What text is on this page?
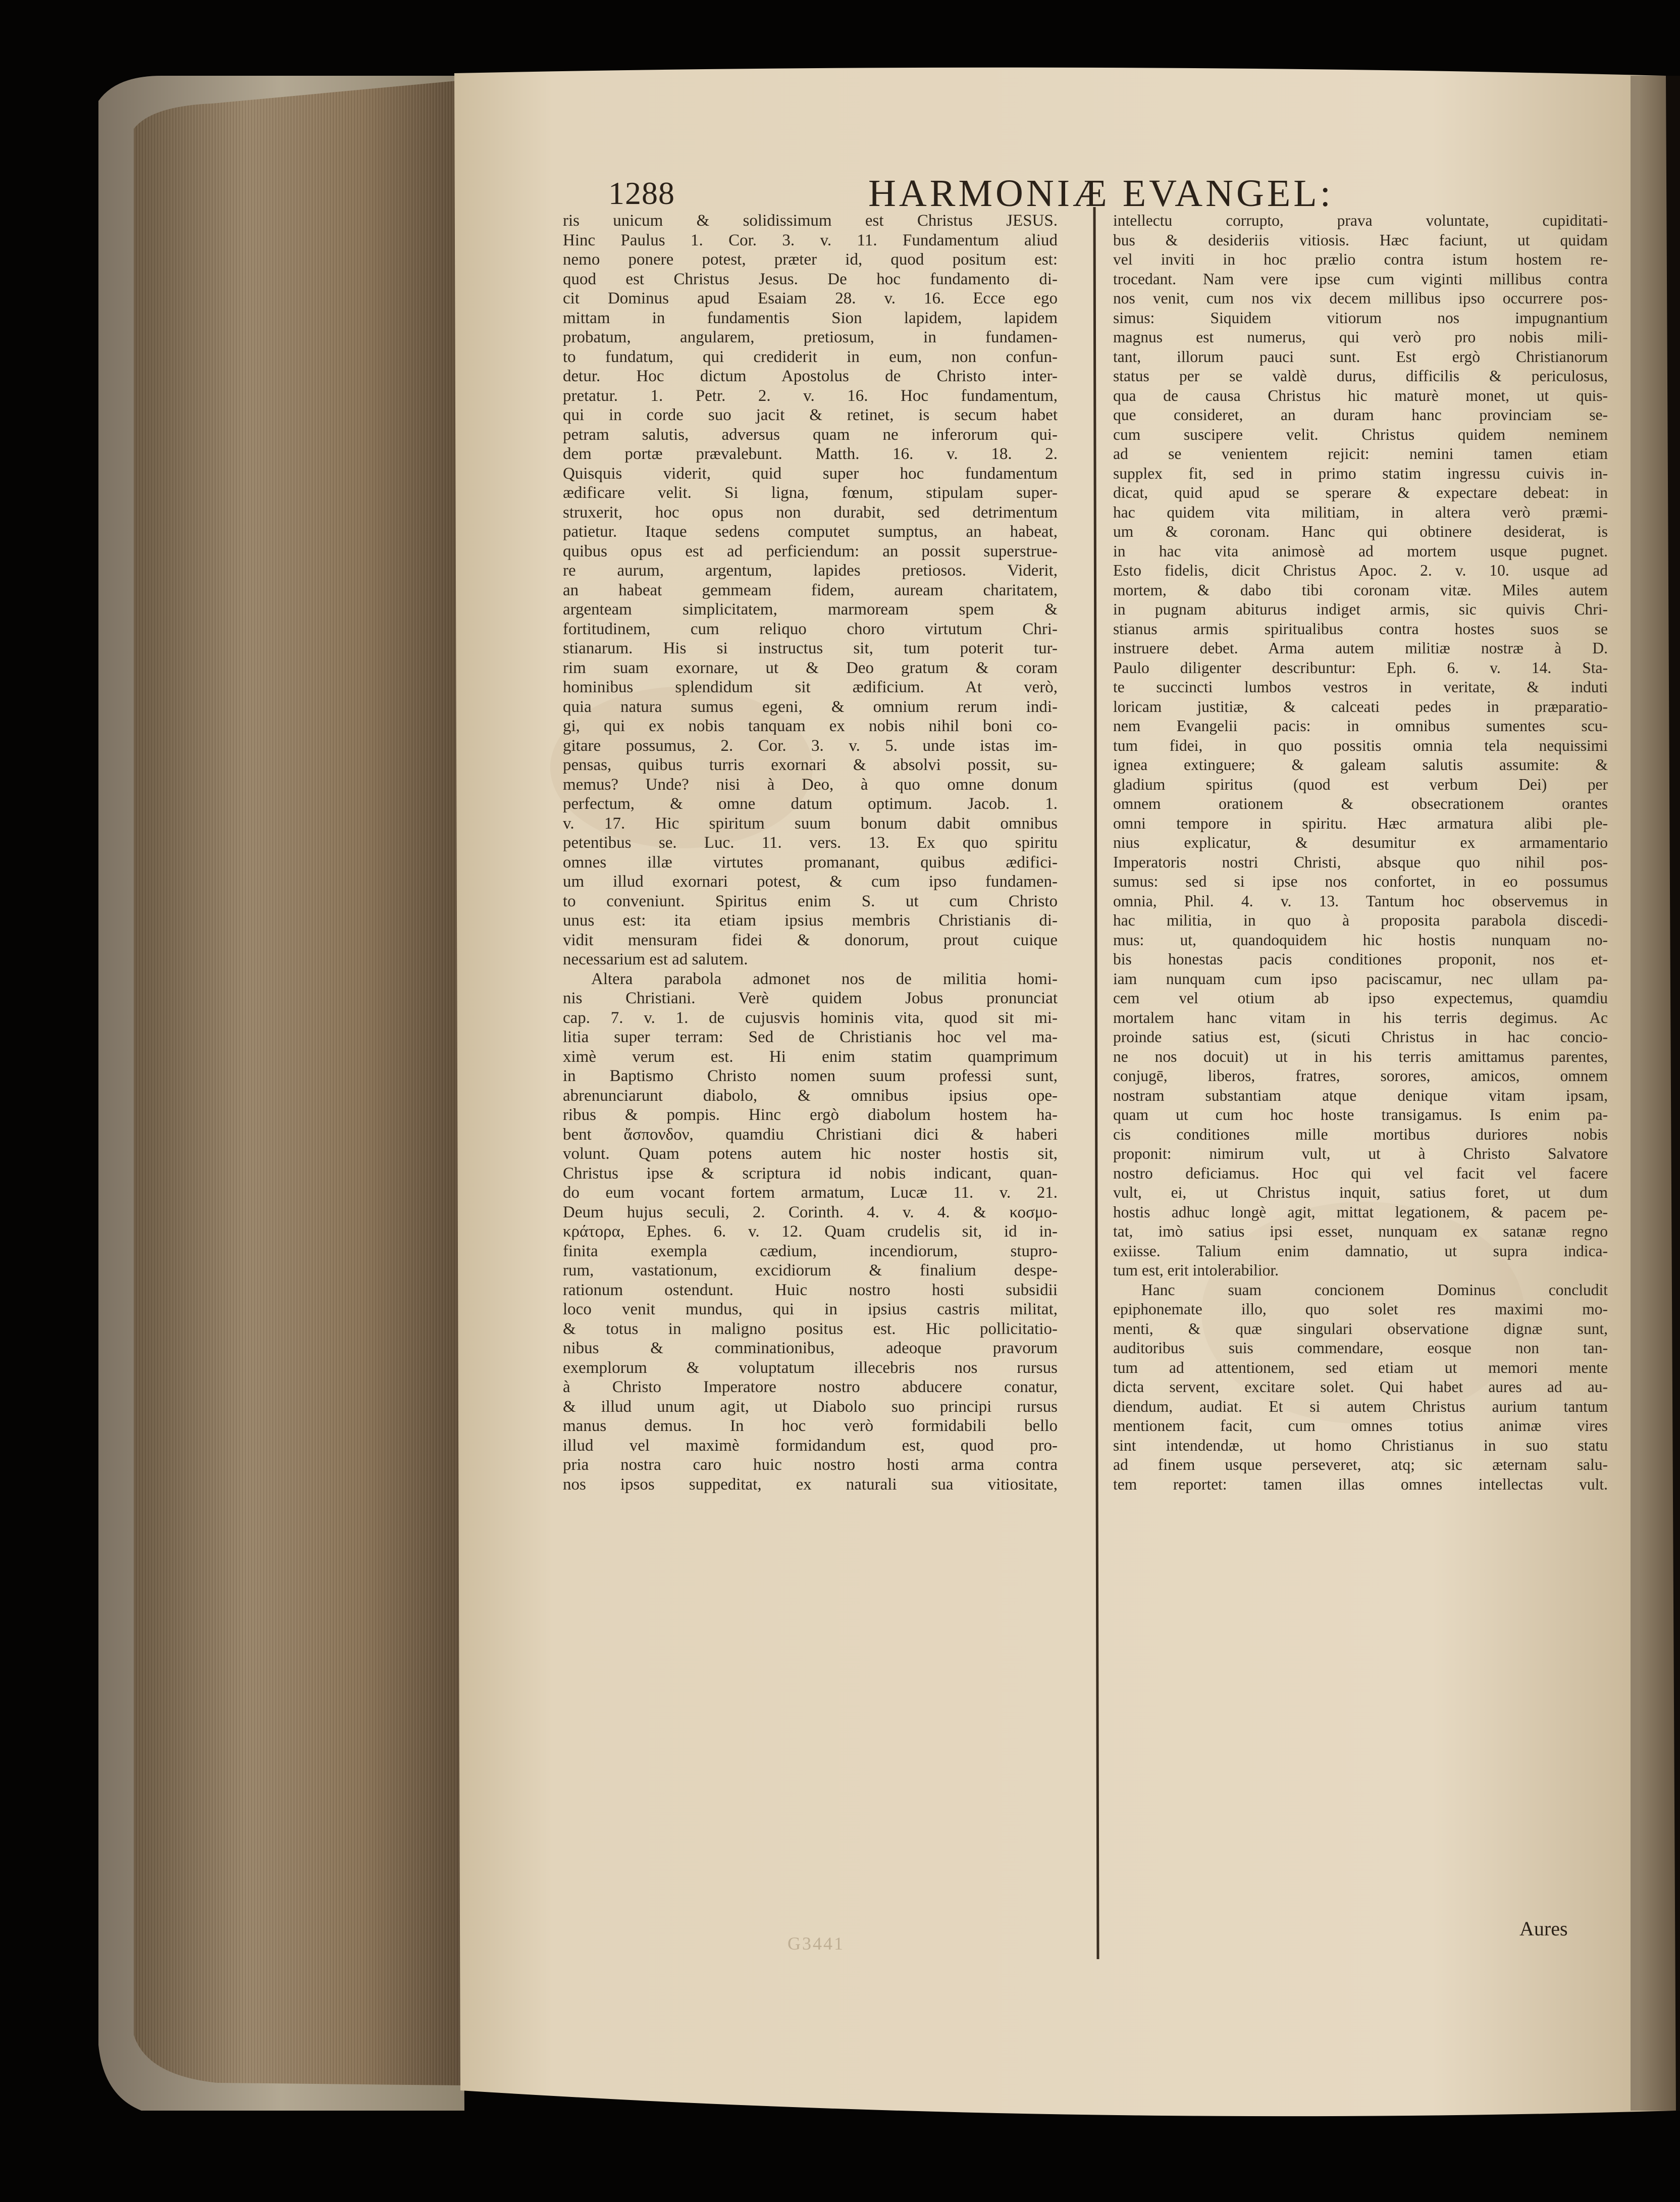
1288	HARMONIÆ EVANGEL:
ris unicum & solidissimum est Christus JESUS.
Hinc Paulus 1. Cor. 3. v. 11. Fundamentum aliud
nemo ponere potest, præter id, quod positum est:
quod est Christus Jesus. De hoc fundamento di-
cit Dominus apud Esaiam 28. v. 16. Ecce ego
mittam in fundamentis Sion lapidem, lapidem
probatum, angularem, pretiosum, in fundamen-
to fundatum, qui crediderit in eum, non confun-
detur. Hoc dictum Apostolus de Christo inter-
pretatur. 1. Petr. 2. v. 16. Hoc fundamentum,
qui in corde suo jacit & retinet, is secum habet
petram salutis, adversus quam ne inferorum qui-
dem portæ prævalebunt. Matth. 16. v. 18. 2.
Quisquis viderit, quid super hoc fundamentum
ædificare velit. Si ligna, fœnum, stipulam super-
struxerit, hoc opus non durabit, sed detrimentum
patietur. Itaque sedens computet sumptus, an habeat,
quibus opus est ad perficiendum: an possit superstrue-
re aurum, argentum, lapides pretiosos. Viderit,
an habeat gemmeam fidem, auream charitatem,
argenteam simplicitatem, marmoream spem &
fortitudinem, cum reliquo choro virtutum Chri-
stianarum. His si instructus sit, tum poterit tur-
rim suam exornare, ut & Deo gratum & coram
hominibus splendidum sit ædificium. At verò,
quia natura sumus egeni, & omnium rerum indi-
gi, qui ex nobis tanquam ex nobis nihil boni co-
gitare possumus, 2. Cor. 3. v. 5. unde istas im-
pensas, quibus turris exornari & absolvi possit, su-
memus? Unde? nisi à Deo, à quo omne donum
perfectum, & omne datum optimum. Jacob. 1.
v. 17. Hic spiritum suum bonum dabit omnibus
petentibus se. Luc. 11. vers. 13. Ex quo spiritu
omnes illæ virtutes promanant, quibus ædifici-
um illud exornari potest, & cum ipso fundamen-
to conveniunt. Spiritus enim S. ut cum Christo
unus est: ita etiam ipsius membris Christianis di-
vidit mensuram fidei & donorum, prout cuique
necessarium est ad salutem.
Altera parabola admonet nos de militia homi-
nis Christiani. Verè quidem Jobus pronunciat
cap. 7. v. 1. de cujusvis hominis vita, quod sit mi-
litia super terram: Sed de Christianis hoc vel ma-
ximè verum est. Hi enim statim quamprimum
in Baptismo Christo nomen suum professi sunt,
abrenunciarunt diabolo, & omnibus ipsius ope-
ribus & pompis. Hinc ergò diabolum hostem ha-
bent ἄσπονδον, quamdiu Christiani dici & haberi
volunt. Quam potens autem hic noster hostis sit,
Christus ipse & scriptura id nobis indicant, quan-
do eum vocant fortem armatum, Lucæ 11. v. 21.
Deum hujus seculi, 2. Corinth. 4. v. 4. & κοσμο-
κράτορα, Ephes. 6. v. 12. Quam crudelis sit, id in-
finita exempla cædium, incendiorum, stupro-
rum, vastationum, excidiorum & finalium despe-
rationum ostendunt. Huic nostro hosti subsidii
loco venit mundus, qui in ipsius castris militat,
& totus in maligno positus est. Hic pollicitatio-
nibus & comminationibus, adeoque pravorum
exemplorum & voluptatum illecebris nos rursus
à Christo Imperatore nostro abducere conatur,
& illud unum agit, ut Diabolo suo principi rursus
manus demus. In hoc verò formidabili bello
illud vel maximè formidandum est, quod pro-
pria nostra caro huic nostro hosti arma contra
nos ipsos suppeditat, ex naturali sua vitiositate,
intellectu corrupto, prava voluntate, cupiditati-
bus & desideriis vitiosis. Hæc faciunt, ut quidam
vel inviti in hoc prælio contra istum hostem re-
trocedant. Nam vere ipse cum viginti millibus contra
nos venit, cum nos vix decem millibus ipso occurrere pos-
simus: Siquidem vitiorum nos impugnantium
magnus est numerus, qui verò pro nobis mili-
tant, illorum pauci sunt. Est ergò Christianorum
status per se valdè durus, difficilis & periculosus,
qua de causa Christus hic maturè monet, ut quis-
que consideret, an duram hanc provinciam se-
cum suscipere velit. Christus quidem neminem
ad se venientem rejicit: nemini tamen etiam
supplex fit, sed in primo statim ingressu cuivis in-
dicat, quid apud se sperare & expectare debeat: in
hac quidem vita militiam, in altera verò præmi-
um & coronam. Hanc qui obtinere desiderat, is
in hac vita animosè ad mortem usque pugnet.
Esto fidelis, dicit Christus Apoc. 2. v. 10. usque ad
mortem, & dabo tibi coronam vitæ. Miles autem
in pugnam abiturus indiget armis, sic quivis Chri-
stianus armis spiritualibus contra hostes suos se
instruere debet. Arma autem militiæ nostræ à D.
Paulo diligenter describuntur: Eph. 6. v. 14. Sta-
te succincti lumbos vestros in veritate, & induti
loricam justitiæ, & calceati pedes in præparatio-
nem Evangelii pacis: in omnibus sumentes scu-
tum fidei, in quo possitis omnia tela nequissimi
ignea extinguere; & galeam salutis assumite: &
gladium spiritus (quod est verbum Dei) per
omnem orationem & obsecrationem orantes
omni tempore in spiritu. Hæc armatura alibi ple-
nius explicatur, & desumitur ex armamentario
Imperatoris nostri Christi, absque quo nihil pos-
sumus: sed si ipse nos confortet, in eo possumus
omnia, Phil. 4. v. 13. Tantum hoc observemus in
hac militia, in quo à proposita parabola discedi-
mus: ut, quandoquidem hic hostis nunquam no-
bis honestas pacis conditiones proponit, nos et-
iam nunquam cum ipso paciscamur, nec ullam pa-
cem vel otium ab ipso expectemus, quamdiu
mortalem hanc vitam in his terris degimus. Ac
proinde satius est, (sicuti Christus in hac concio-
ne nos docuit) ut in his terris amittamus parentes,
conjugē, liberos, fratres, sorores, amicos, omnem
nostram substantiam atque denique vitam ipsam,
quam ut cum hoc hoste transigamus. Is enim pa-
cis conditiones mille mortibus duriores nobis
proponit: nimirum vult, ut à Christo Salvatore
nostro deficiamus. Hoc qui vel facit vel facere
vult, ei, ut Christus inquit, satius foret, ut dum
hostis adhuc longè agit, mittat legationem, & pacem pe-
tat, imò satius ipsi esset, nunquam ex satanæ regno
exiisse. Talium enim damnatio, ut supra indica-
tum est, erit intolerabilior.
Hanc suam concionem Dominus concludit
epiphonemate illo, quo solet res maximi mo-
menti, & quæ singulari observatione dignæ sunt,
auditoribus suis commendare, eosque non tan-
tum ad attentionem, sed etiam ut memori mente
dicta servent, excitare solet. Qui habet aures ad au-
diendum, audiat. Et si autem Christus aurium tantum
mentionem facit, cum omnes totius animæ vires
sint intendendæ, ut homo Christianus in suo statu
ad finem usque perseveret, atq; sic æternam salu-
tem reportet: tamen illas omnes intellectas vult.
Aures
G3441
